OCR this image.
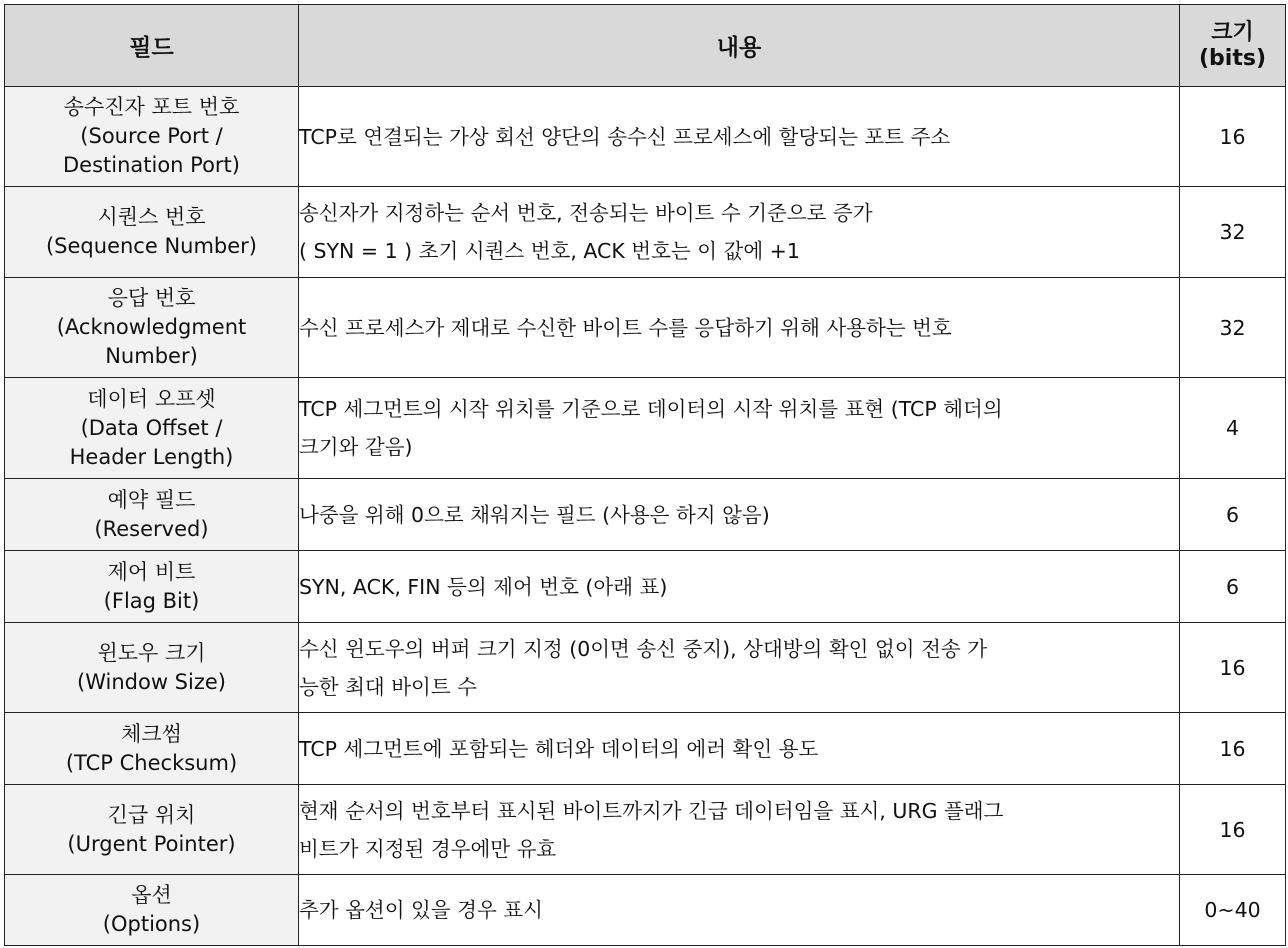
필드	내용	크기
(bits)

송수진자 포트 번호
(Source Port /
Destination Port)	TCP로 연결되는 가상 회선 양단의 송수신 프로세스에 할당되는 포트 주소	16

시퀀스 번호
(Sequence Number)	송신자가 지정하는 순서 번호, 전송되는 바이트 수 기준으로 증가
( SYN = 1 ) 초기 시퀀스 번호, ACK 번호는 이 값에 +1	32

응답 번호
(Acknowledgment
Number)	수신 프로세스가 제대로 수신한 바이트 수를 응답하기 위해 사용하는 번호	32

데이터 오프셋
(Data Offset /
Header Length)	TCP 세그먼트의 시작 위치를 기준으로 데이터의 시작 위치를 표현 (TCP 헤더의
크기와 같음)	4

예약 필드
(Reserved)	나중을 위해 0으로 채워지는 필드 (사용은 하지 않음)	6

제어 비트
(Flag Bit)	SYN, ACK, FIN 등의 제어 번호 (아래 표)	6

윈도우 크기
(Window Size)	수신 윈도우의 버퍼 크기 지정 (0이면 송신 중지), 상대방의 확인 없이 전송 가
능한 최대 바이트 수	16

체크썸
(TCP Checksum)	TCP 세그먼트에 포함되는 헤더와 데이터의 에러 확인 용도	16

긴급 위치
(Urgent Pointer)	현재 순서의 번호부터 표시된 바이트까지가 긴급 데이터임을 표시, URG 플래그
비트가 지정된 경우에만 유효	16

옵션
(Options)	추가 옵션이 있을 경우 표시	0~40
